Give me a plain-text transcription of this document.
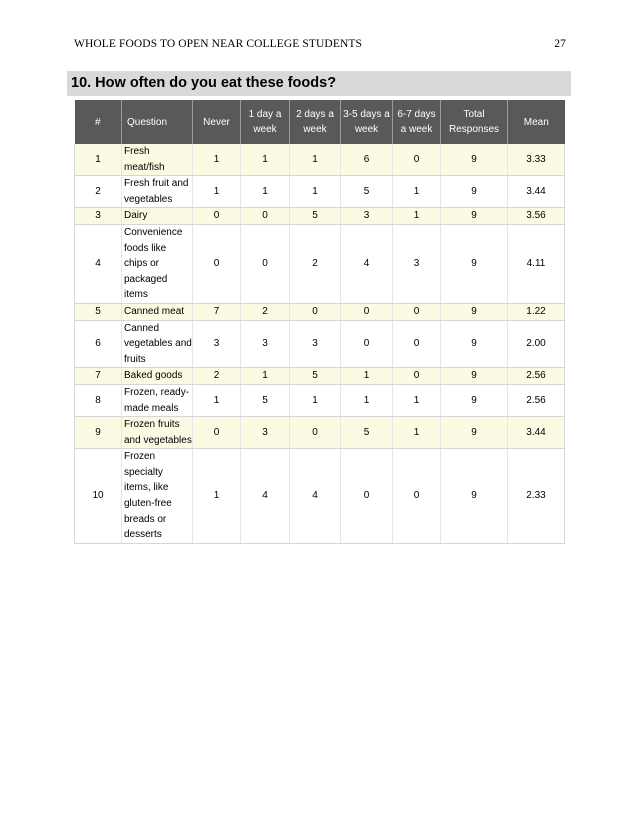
WHOLE FOODS TO OPEN NEAR COLLEGE STUDENTS	27
10. How often do you eat these foods?
#	Question	Never	1 day a week	2 days a week	3-5 days a week	6-7 days a week	Total Responses	Mean
1	Fresh meat/fish	1	1	1	6	0	9	3.33
2	Fresh fruit and vegetables	1	1	1	5	1	9	3.44
3	Dairy	0	0	5	3	1	9	3.56
4	Convenience foods like chips or packaged items	0	0	2	4	3	9	4.11
5	Canned meat	7	2	0	0	0	9	1.22
6	Canned vegetables and fruits	3	3	3	0	0	9	2.00
7	Baked goods	2	1	5	1	0	9	2.56
8	Frozen, ready-made meals	1	5	1	1	1	9	2.56
9	Frozen fruits and vegetables	0	3	0	5	1	9	3.44
10	Frozen specialty items, like gluten-free breads or desserts	1	4	4	0	0	9	2.33
